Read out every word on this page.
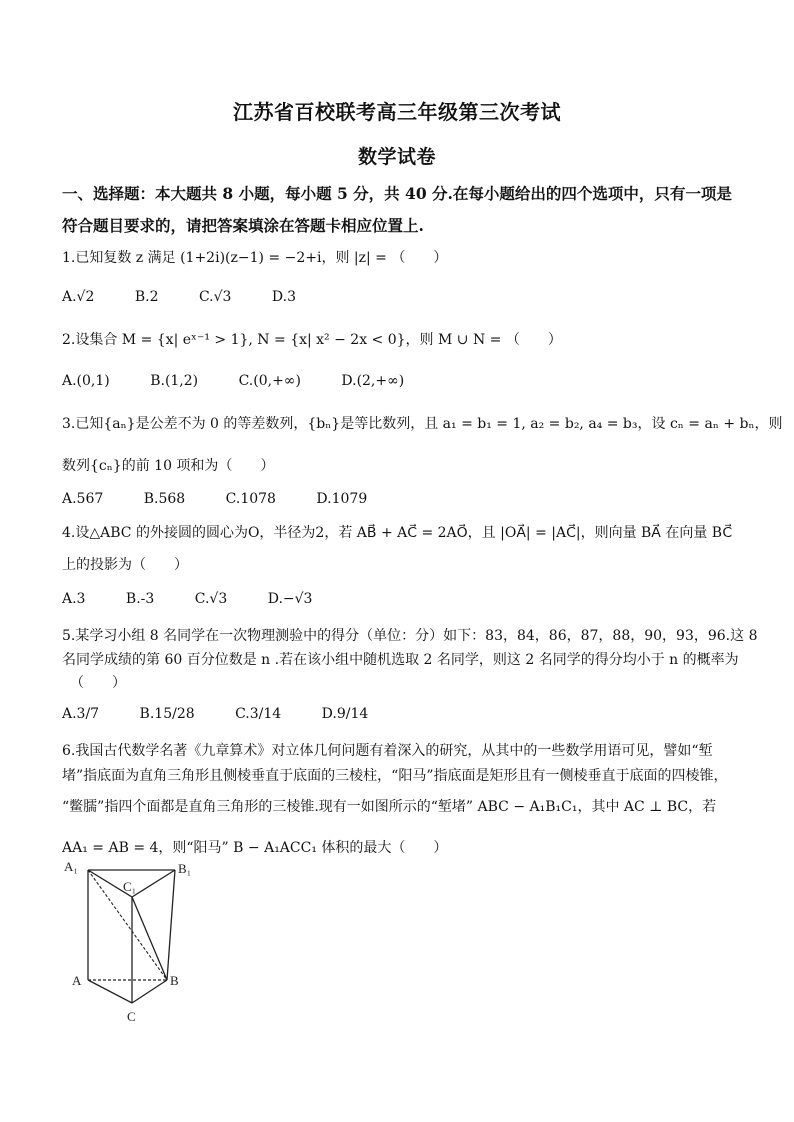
江苏省百校联考高三年级第三次考试
数学试卷
一、选择题：本大题共 8 小题，每小题 5 分，共 40 分.在每小题给出的四个选项中，只有一项是
符合题目要求的，请把答案填涂在答题卡相应位置上.
1.已知复数 z 满足 (1+2i)(z−1) = −2+i，则 |z| = （　　）
A.√2	B.2	C.√3	D.3
2.设集合 M = {x| eˣ⁻¹ > 1}, N = {x| x² − 2x < 0}，则 M ∪ N = （　　）
A.(0,1)	B.(1,2)	C.(0,+∞)	D.(2,+∞)
3.已知{aₙ}是公差不为 0 的等差数列，{bₙ}是等比数列，且 a₁ = b₁ = 1, a₂ = b₂, a₄ = b₃，设 cₙ = aₙ + bₙ，则
数列{cₙ}的前 10 项和为（　　）
A.567	B.568	C.1078	D.1079
4.设△ABC 的外接圆的圆心为O，半径为2，若 AB⃗ + AC⃗ = 2AO⃗，且 |OA⃗| = |AC⃗|，则向量 BA⃗ 在向量 BC⃗
上的投影为（　　）
A.3	B.-3	C.√3	D.−√3
5.某学习小组 8 名同学在一次物理测验中的得分（单位：分）如下：83，84，86，87，88，90，93，96.这 8
名同学成绩的第 60 百分位数是 n .若在该小组中随机选取 2 名同学，则这 2 名同学的得分均小于 n 的概率为
（　　）
A.3/7	B.15/28	C.3/14	D.9/14
6.我国古代数学名著《九章算术》对立体几何问题有着深入的研究，从其中的一些数学用语可见，譬如“堑
堵”指底面为直角三角形且侧棱垂直于底面的三棱柱，“阳马”指底面是矩形且有一侧棱垂直于底面的四棱锥，
“鳖臑”指四个面都是直角三角形的三棱锥.现有一如图所示的“堑堵” ABC − A₁B₁C₁，其中 AC ⊥ BC，若
AA₁ = AB = 4，则“阳马” B − A₁ACC₁ 体积的最大（　　）
A₁	B₁
C₁
A	B
C
